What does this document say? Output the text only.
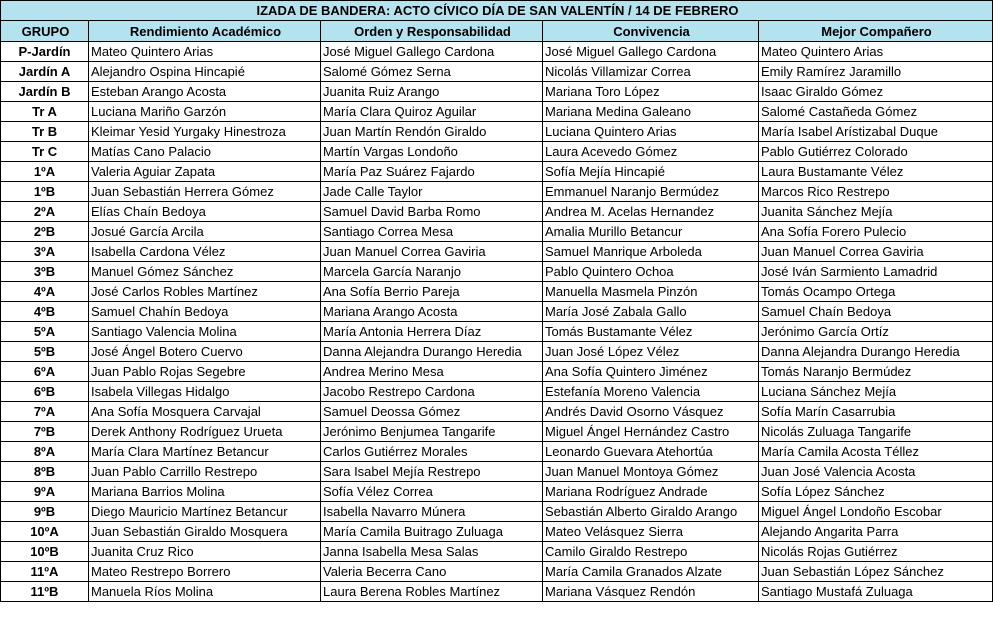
IZADA DE BANDERA: ACTO CÍVICO DÍA DE SAN VALENTÍN / 14 DE FEBRERO				
GRUPO	Rendimiento Académico	Orden y Responsabilidad	Convivencia	Mejor Compañero
P-Jardín	Mateo Quintero Arias	José Miguel Gallego Cardona	José Miguel Gallego Cardona	Mateo Quintero Arias
Jardín A	Alejandro Ospina Hincapié	Salomé Gómez Serna	Nicolás Villamizar Correa	Emily Ramírez Jaramillo
Jardín B	Esteban Arango Acosta	Juanita Ruiz Arango	Mariana Toro López	Isaac Giraldo Gómez
Tr A	Luciana Mariño Garzón	María Clara Quiroz Aguilar	Mariana Medina Galeano	Salomé Castañeda Gómez
Tr B	Kleimar Yesid Yurgaky Hinestroza	Juan Martín Rendón Giraldo	Luciana Quintero Arias	María Isabel Arístizabal Duque
Tr C	Matías Cano Palacio	Martín Vargas Londoño	Laura Acevedo Gómez	Pablo Gutiérrez Colorado
1ºA	Valeria Aguiar Zapata	María Paz Suárez Fajardo	Sofía Mejía Hincapié	Laura Bustamante Vélez
1ºB	Juan Sebastián Herrera Gómez	Jade Calle Taylor	Emmanuel Naranjo Bermúdez	Marcos Rico Restrepo
2ºA	Elías Chaín Bedoya	Samuel David Barba Romo	Andrea M. Acelas Hernandez	Juanita Sánchez Mejía
2ºB	Josué García Arcila	Santiago Correa Mesa	Amalia Murillo Betancur	Ana Sofía Forero Pulecio
3ºA	Isabella Cardona Vélez	Juan Manuel Correa Gaviria	Samuel Manrique Arboleda	Juan Manuel Correa Gaviria
3ºB	Manuel Gómez Sánchez	Marcela García Naranjo	Pablo Quintero Ochoa	José Iván Sarmiento Lamadrid
4ºA	José Carlos Robles Martínez	Ana Sofía Berrio Pareja	Manuella Masmela Pinzón	Tomás Ocampo Ortega
4ºB	Samuel Chahín Bedoya	Mariana Arango Acosta	María José Zabala Gallo	Samuel Chaín Bedoya
5ºA	Santiago Valencia Molina	María Antonia Herrera Díaz	Tomás Bustamante Vélez	Jerónimo García Ortíz
5ºB	José Ángel Botero Cuervo	Danna Alejandra Durango Heredia	Juan José López Vélez	Danna Alejandra Durango Heredia
6ºA	Juan Pablo Rojas Segebre	Andrea Merino Mesa	Ana Sofía Quintero Jiménez	Tomás Naranjo Bermúdez
6ºB	Isabela Villegas Hidalgo	Jacobo Restrepo Cardona	Estefanía Moreno Valencia	Luciana Sánchez Mejía
7ºA	Ana Sofía Mosquera Carvajal	Samuel Deossa Gómez	Andrés David Osorno Vásquez	Sofía Marín Casarrubia
7ºB	Derek Anthony Rodríguez Urueta	Jerónimo Benjumea Tangarife	Miguel Ángel Hernández Castro	Nicolás Zuluaga Tangarife
8ºA	María Clara Martínez Betancur	Carlos Gutiérrez Morales	Leonardo Guevara Atehortúa	María Camila Acosta Téllez
8ºB	Juan Pablo Carrillo Restrepo	Sara Isabel Mejía Restrepo	Juan Manuel Montoya Gómez	Juan José Valencia Acosta
9ºA	Mariana Barrios Molina	Sofía Vélez Correa	Mariana Rodríguez Andrade	Sofía López Sánchez
9ºB	Diego Mauricio Martínez Betancur	Isabella Navarro Múnera	Sebastián Alberto Giraldo Arango	Miguel Ángel Londoño Escobar
10ºA	Juan Sebastián Giraldo Mosquera	María Camila Buitrago Zuluaga	Mateo Velásquez Sierra	Alejando Angarita Parra
10ºB	Juanita Cruz Rico	Janna Isabella Mesa Salas	Camilo Giraldo Restrepo	Nicolás Rojas Gutiérrez
11ºA	Mateo Restrepo Borrero	Valeria Becerra Cano	María Camila Granados Alzate	Juan Sebastián López Sánchez
11ºB	Manuela Ríos Molina	Laura Berena Robles Martínez	Mariana Vásquez Rendón	Santiago Mustafá Zuluaga
